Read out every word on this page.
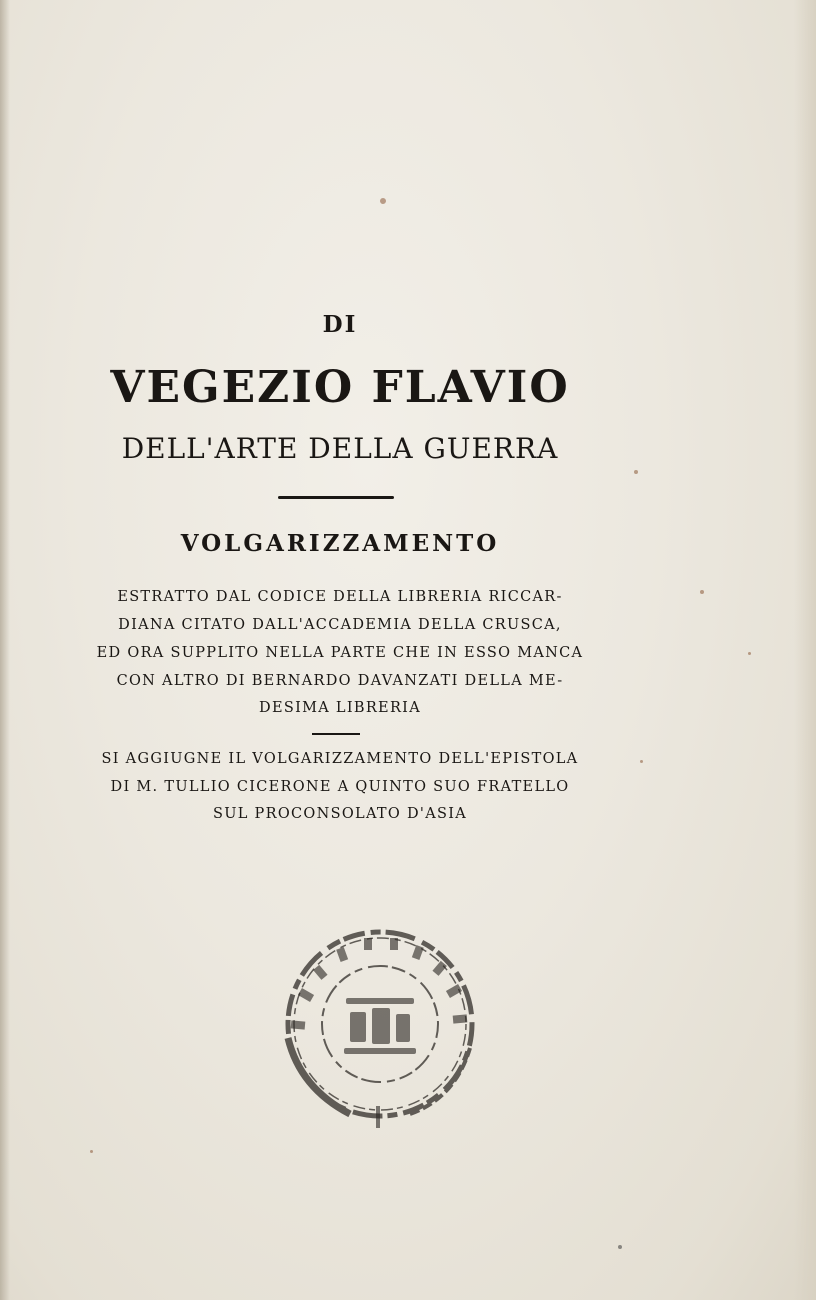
DI
VEGEZIO FLAVIO
DELL'ARTE DELLA GUERRA
VOLGARIZZAMENTO
ESTRATTO DAL CODICE DELLA LIBRERIA RICCAR-
DIANA CITATO DALL'ACCADEMIA DELLA CRUSCA,
ED ORA SUPPLITO NELLA PARTE CHE IN ESSO MANCA
CON ALTRO DI BERNARDO DAVANZATI DELLA ME-
DESIMA LIBRERIA
SI AGGIUGNE IL VOLGARIZZAMENTO DELL'EPISTOLA
DI M. TULLIO CICERONE A QUINTO SUO FRATELLO
SUL PROCONSOLATO D'ASIA
